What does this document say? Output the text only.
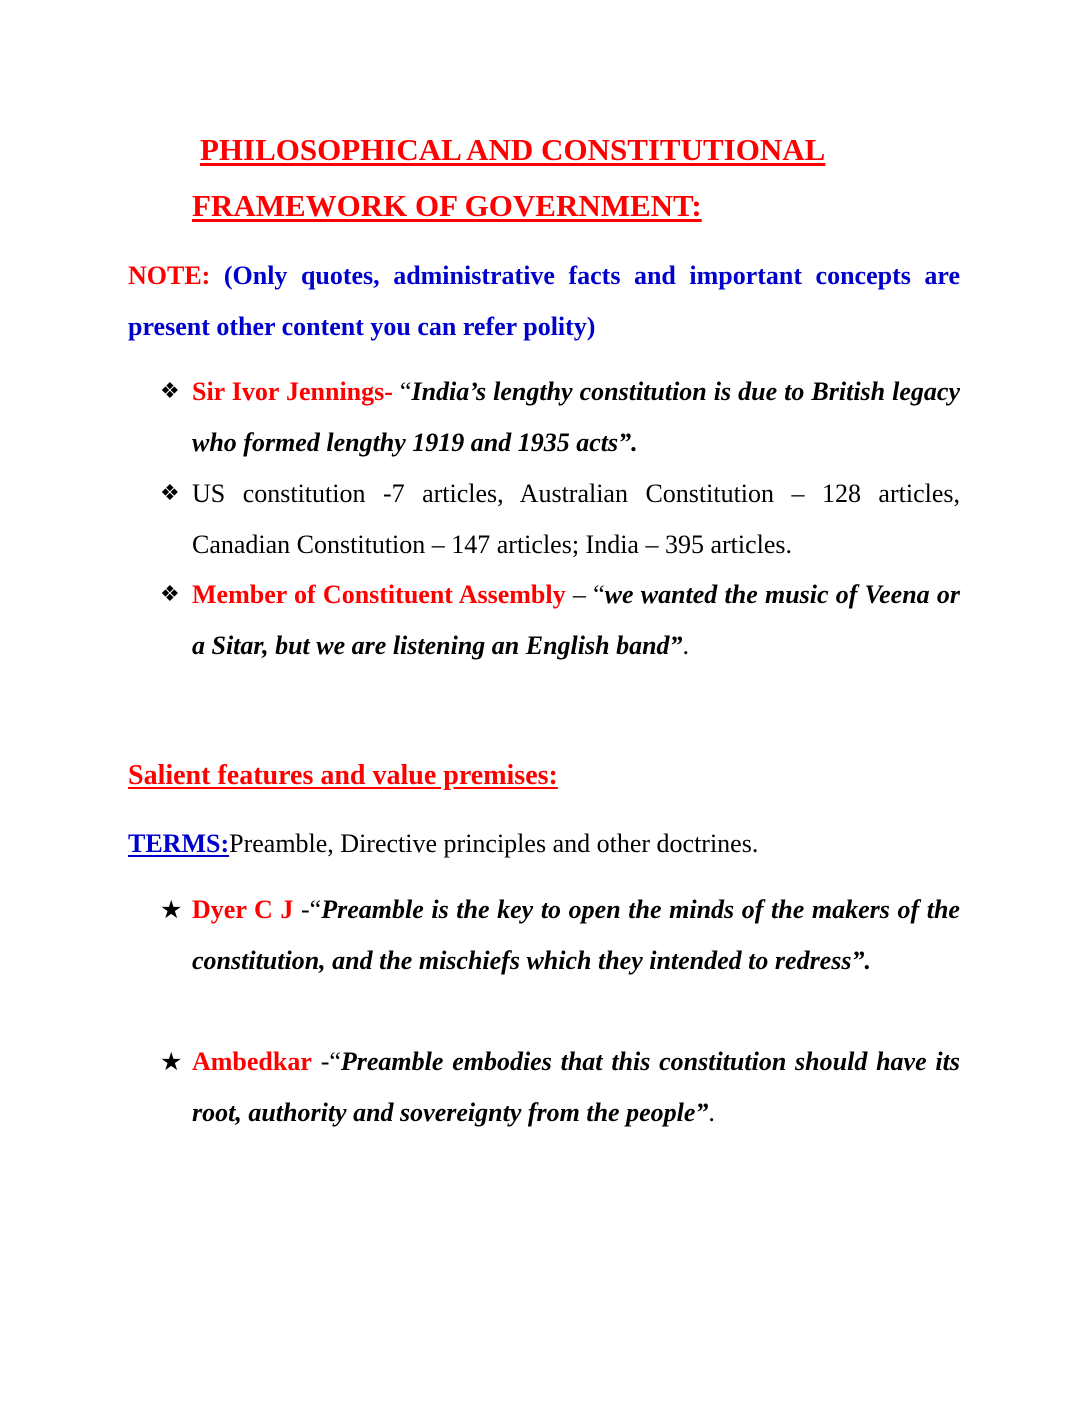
PHILOSOPHICAL AND CONSTITUTIONAL
FRAMEWORK OF GOVERNMENT:

NOTE: (Only quotes, administrative facts and important concepts are present other content you can refer polity)

❖ Sir Ivor Jennings- “India’s lengthy constitution is due to British legacy who formed lengthy 1919 and 1935 acts”.
❖ US constitution -7 articles, Australian Constitution – 128 articles, Canadian Constitution – 147 articles; India – 395 articles.
❖ Member of Constituent Assembly – “we wanted the music of Veena or a Sitar, but we are listening an English band”.
Salient features and value premises:
TERMS:Preamble, Directive principles and other doctrines.
★ Dyer C J -“Preamble is the key to open the minds of the makers of the constitution, and the mischiefs which they intended to redress”.
★ Ambedkar -“Preamble embodies that this constitution should have its root, authority and sovereignty from the people”.
